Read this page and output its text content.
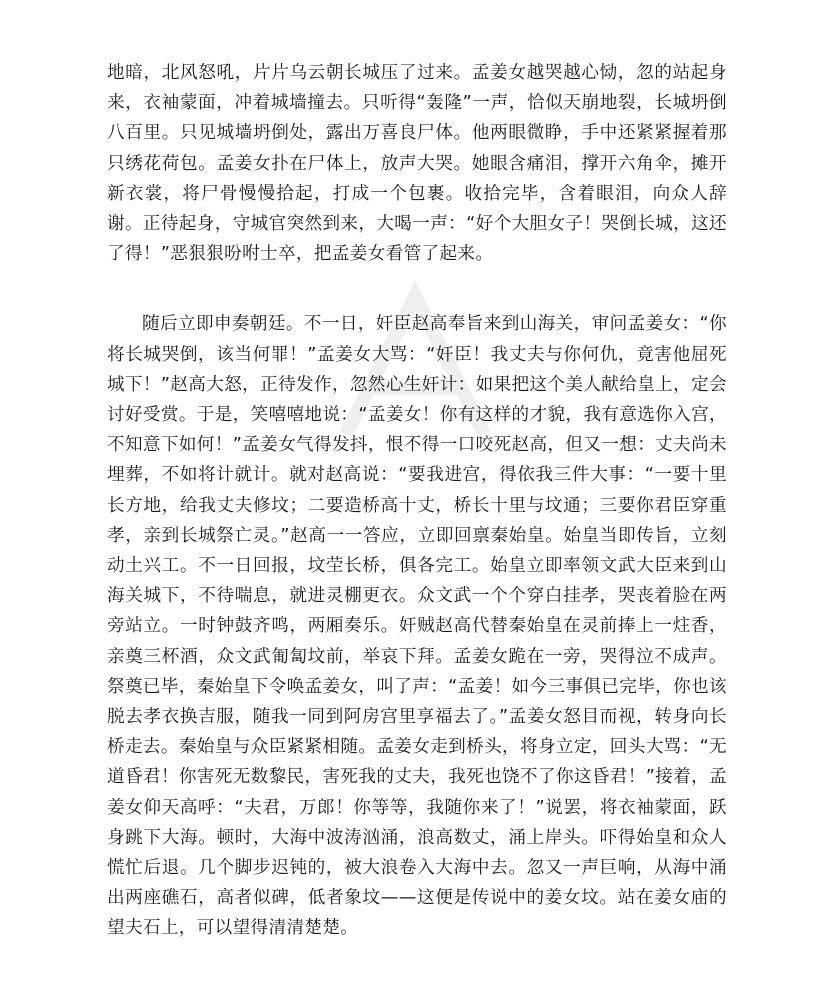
地暗，北风怒吼，片片乌云朝长城压了过来。孟姜女越哭越心恸，忽的站起身来，衣袖蒙面，冲着城墙撞去。只听得“轰隆”一声，恰似天崩地裂，长城坍倒八百里。只见城墙坍倒处，露出万喜良尸体。他两眼微睁，手中还紧紧握着那只绣花荷包。孟姜女扑在尸体上，放声大哭。她眼含痛泪，撑开六角伞，摊开新衣裳，将尸骨慢慢拾起，打成一个包裹。收拾完毕，含着眼泪，向众人辞谢。正待起身，守城官突然到来，大喝一声：“好个大胆女子！哭倒长城，这还了得！”恶狠狠吩咐士卒，把孟姜女看管了起来。

随后立即申奏朝廷。不一日，奸臣赵高奉旨来到山海关，审问孟姜女：“你将长城哭倒，该当何罪！”孟姜女大骂：“奸臣！我丈夫与你何仇，竟害他屈死城下！”赵高大怒，正待发作，忽然心生奸计：如果把这个美人献给皇上，定会讨好受赏。于是，笑嘻嘻地说：“孟姜女！你有这样的才貌，我有意选你入宫，不知意下如何！”孟姜女气得发抖，恨不得一口咬死赵高，但又一想：丈夫尚未埋葬，不如将计就计。就对赵高说：“要我进宫，得依我三件大事：“一要十里长方地，给我丈夫修坟；二要造桥高十丈，桥长十里与坟通；三要你君臣穿重孝，亲到长城祭亡灵。”赵高一一答应，立即回禀秦始皇。始皇当即传旨，立刻动土兴工。不一日回报，坟茔长桥，俱各完工。始皇立即率领文武大臣来到山海关城下，不待喘息，就进灵棚更衣。众文武一个个穿白挂孝，哭丧着脸在两旁站立。一时钟鼓齐鸣，两厢奏乐。奸贼赵高代替秦始皇在灵前捧上一炷香，亲奠三杯酒，众文武匍匐坟前，举哀下拜。孟姜女跪在一旁，哭得泣不成声。祭奠已毕，秦始皇下令唤孟姜女，叫了声：“孟姜！如今三事俱已完毕，你也该脱去孝衣换吉服，随我一同到阿房宫里享福去了。”孟姜女怒目而视，转身向长桥走去。秦始皇与众臣紧紧相随。孟姜女走到桥头，将身立定，回头大骂：“无道昏君！你害死无数黎民，害死我的丈夫，我死也饶不了你这昏君！”接着，孟姜女仰天高呼：“夫君，万郎！你等等，我随你来了！”说罢，将衣袖蒙面，跃身跳下大海。顿时，大海中波涛汹涌，浪高数丈，涌上岸头。吓得始皇和众人慌忙后退。几个脚步迟钝的，被大浪卷入大海中去。忽又一声巨响，从海中涌出两座礁石，高者似碑，低者象坟——这便是传说中的姜女坟。站在姜女庙的望夫石上，可以望得清清楚楚。
